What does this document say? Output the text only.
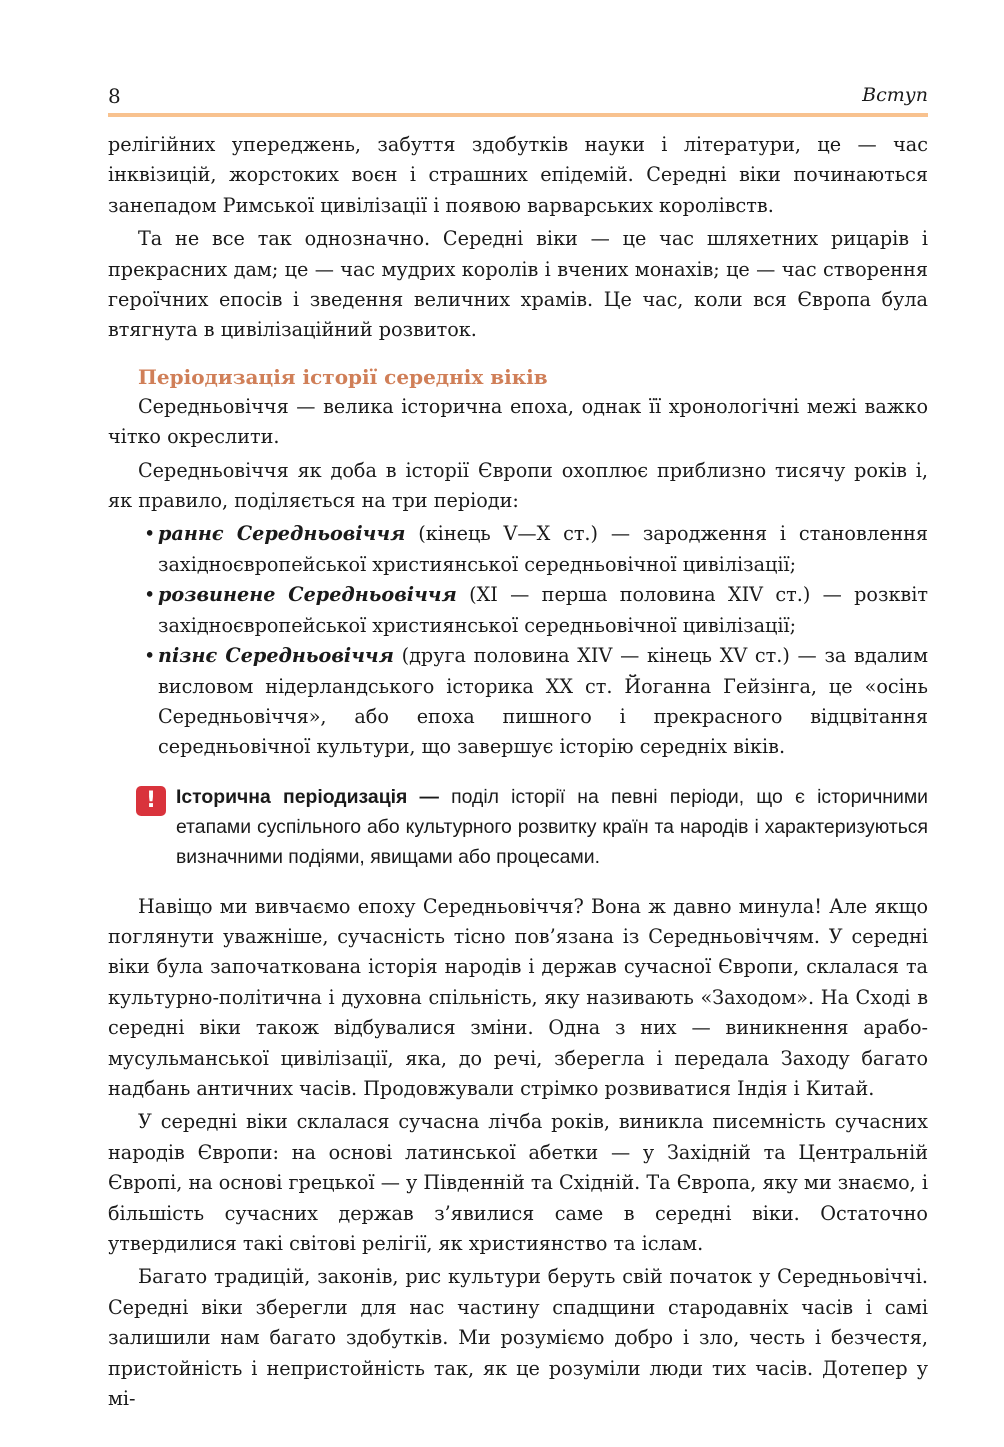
8	Вступ

релігійних упереджень, забуття здобутків науки і літератури, це — час інквізицій, жорстоких воєн і страшних епідемій. Середні віки починаються занепадом Римської цивілізації і появою варварських королівств.

Та не все так однозначно. Середні віки — це час шляхетних рицарів і прекрасних дам; це — час мудрих королів і вчених монахів; це — час створення героїчних епосів і зведення величних храмів. Це час, коли вся Європа була втягнута в цивілізаційний розвиток.

Періодизація історії середніх віків

Середньовіччя — велика історична епоха, однак її хронологічні межі важко чітко окреслити.

Середньовіччя як доба в історії Європи охоплює приблизно тисячу років і, як правило, поділяється на три періоди:

• раннє Середньовіччя (кінець V—X ст.) — зародження і становлення західноєвропейської християнської середньовічної цивілізації;
• розвинене Середньовіччя (XI — перша половина XIV ст.) — розквіт західноєвропейської християнської середньовічної цивілізації;
• пізнє Середньовіччя (друга половина XIV — кінець XV ст.) — за вдалим висловом нідерландського історика XX ст. Йоганна Гейзінга, це «осінь Середньовіччя», або епоха пишного і прекрасного відцвітання середньовічної культури, що завершує історію середніх віків.
!	Історична періодизація — поділ історії на певні періоди, що є історичними етапами суспільного або культурного розвитку країн та народів і характеризуються визначними подіями, явищами або процесами.

Навіщо ми вивчаємо епоху Середньовіччя? Вона ж давно минула! Але якщо поглянути уважніше, сучасність тісно пов’язана із Середньовіччям. У середні віки була започаткована історія народів і держав сучасної Європи, склалася та культурно-політична і духовна спільність, яку називають «Заходом». На Сході в середні віки також відбувалися зміни. Одна з них — виникнення арабо-мусульманської цивілізації, яка, до речі, зберегла і передала Заходу багато надбань античних часів. Продовжували стрімко розвиватися Індія і Китай.

У середні віки склалася сучасна лічба років, виникла писемність сучасних народів Європи: на основі латинської абетки — у Західній та Центральній Європі, на основі грецької — у Південній та Східній. Та Європа, яку ми знаємо, і більшість сучасних держав з’явилися саме в середні віки. Остаточно утвердилися такі світові релігії, як християнство та іслам.

Багато традицій, законів, рис культури беруть свій початок у Середньовіччі. Середні віки зберегли для нас частину спадщини стародавніх часів і самі залишили нам багато здобутків. Ми розуміємо добро і зло, честь і безчестя, пристойність і непристойність так, як це розуміли люди тих часів. Дотепер у мі-
